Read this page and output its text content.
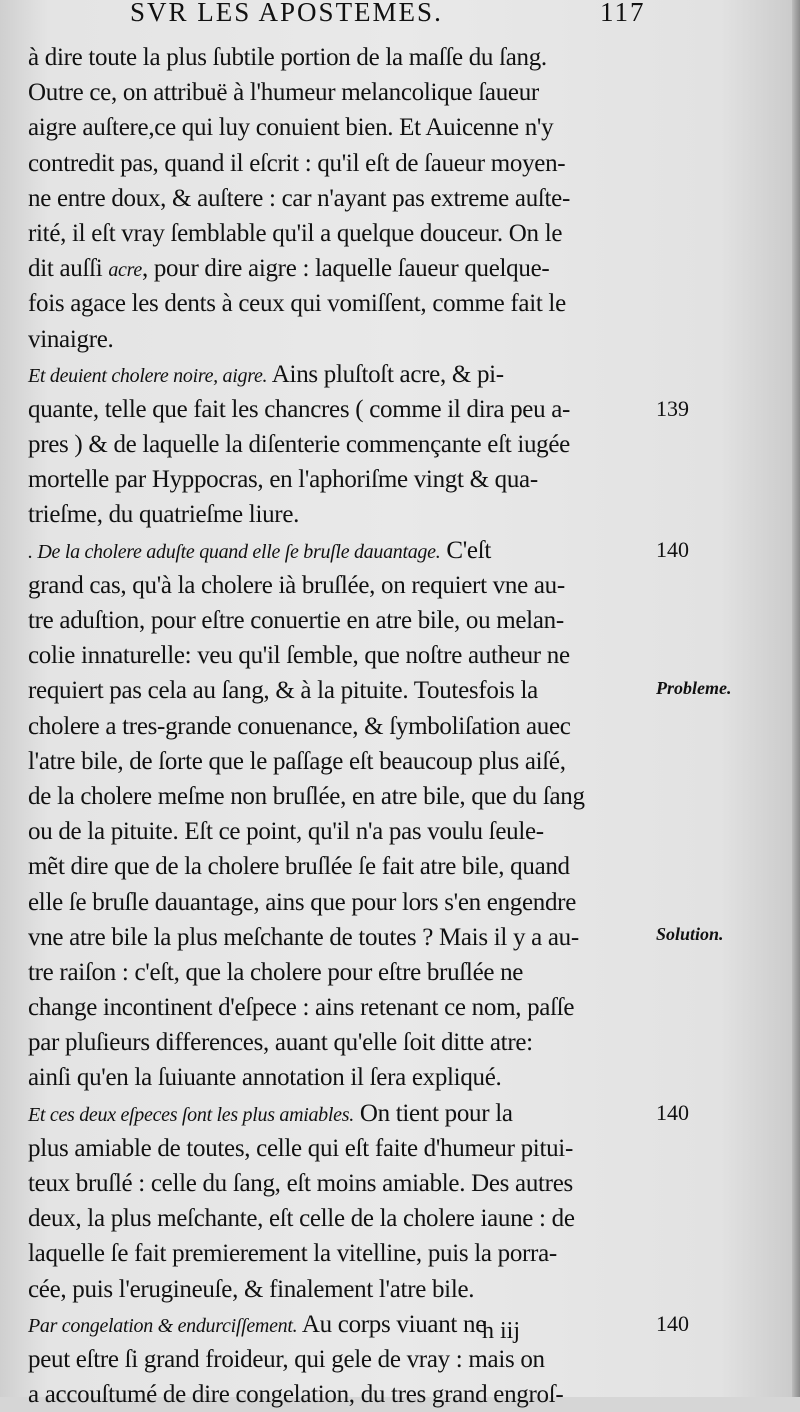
SVR LES APOSTEMES.	117
à dire toute la plus ſubtile portion de la maſſe du ſang.
Outre ce, on attribuë à l'humeur melancolique ſaueur
aigre auſtere,ce qui luy conuient bien. Et Auicenne n'y
contredit pas, quand il eſcrit : qu'il eſt de ſaueur moyen-
ne entre doux, & auſtere : car n'ayant pas extreme auſte-
rité, il eſt vray ſemblable qu'il a quelque douceur. On le
dit auſſi acre, pour dire aigre : laquelle ſaueur quelque-
fois agace les dents à ceux qui vomiſſent, comme fait le
vinaigre.
Et deuient cholere noire, aigre. Ains pluſtoſt acre, & pi-
quante, telle que fait les chancres ( comme il dira peu a-
pres ) & de laquelle la diſenterie commençante eſt iugée
mortelle par Hyppocras, en l'aphoriſme vingt & qua-
trieſme, du quatrieſme liure.
. De la cholere aduſte quand elle ſe bruſle dauantage. C'eſt
grand cas, qu'à la cholere ià bruſlée, on requiert vne au-
tre aduſtion, pour eſtre conuertie en atre bile, ou melan-
colie innaturelle: veu qu'il ſemble, que noſtre autheur ne
requiert pas cela au ſang, & à la pituite. Toutesfois la
cholere a tres-grande conuenance, & ſymboliſation auec
l'atre bile, de ſorte que le paſſage eſt beaucoup plus aiſé,
de la cholere meſme non bruſlée, en atre bile, que du ſang
ou de la pituite. Eſt ce point, qu'il n'a pas voulu ſeule-
mẽt dire que de la cholere bruſlée ſe fait atre bile, quand
elle ſe bruſle dauantage, ains que pour lors s'en engendre
vne atre bile la plus meſchante de toutes ? Mais il y a au-
tre raiſon : c'eſt, que la cholere pour eſtre bruſlée ne
change incontinent d'eſpece : ains retenant ce nom, paſſe
par pluſieurs differences, auant qu'elle ſoit ditte atre:
ainſi qu'en la ſuiuante annotation il ſera expliqué.
Et ces deux eſpeces ſont les plus amiables. On tient pour la
plus amiable de toutes, celle qui eſt faite d'humeur pitui-
teux bruſlé : celle du ſang, eſt moins amiable. Des autres
deux, la plus meſchante, eſt celle de la cholere iaune : de
laquelle ſe fait premierement la vitelline, puis la porra-
cée, puis l'erugineuſe, & finalement l'atre bile.
Par congelation & endurciſſement. Au corps viuant ne
peut eſtre ſi grand froideur, qui gele de vray : mais on
a accouſtumé de dire congelation, du tres grand engroſ-
139
140
Probleme.
Solution.
140
140
h iij
